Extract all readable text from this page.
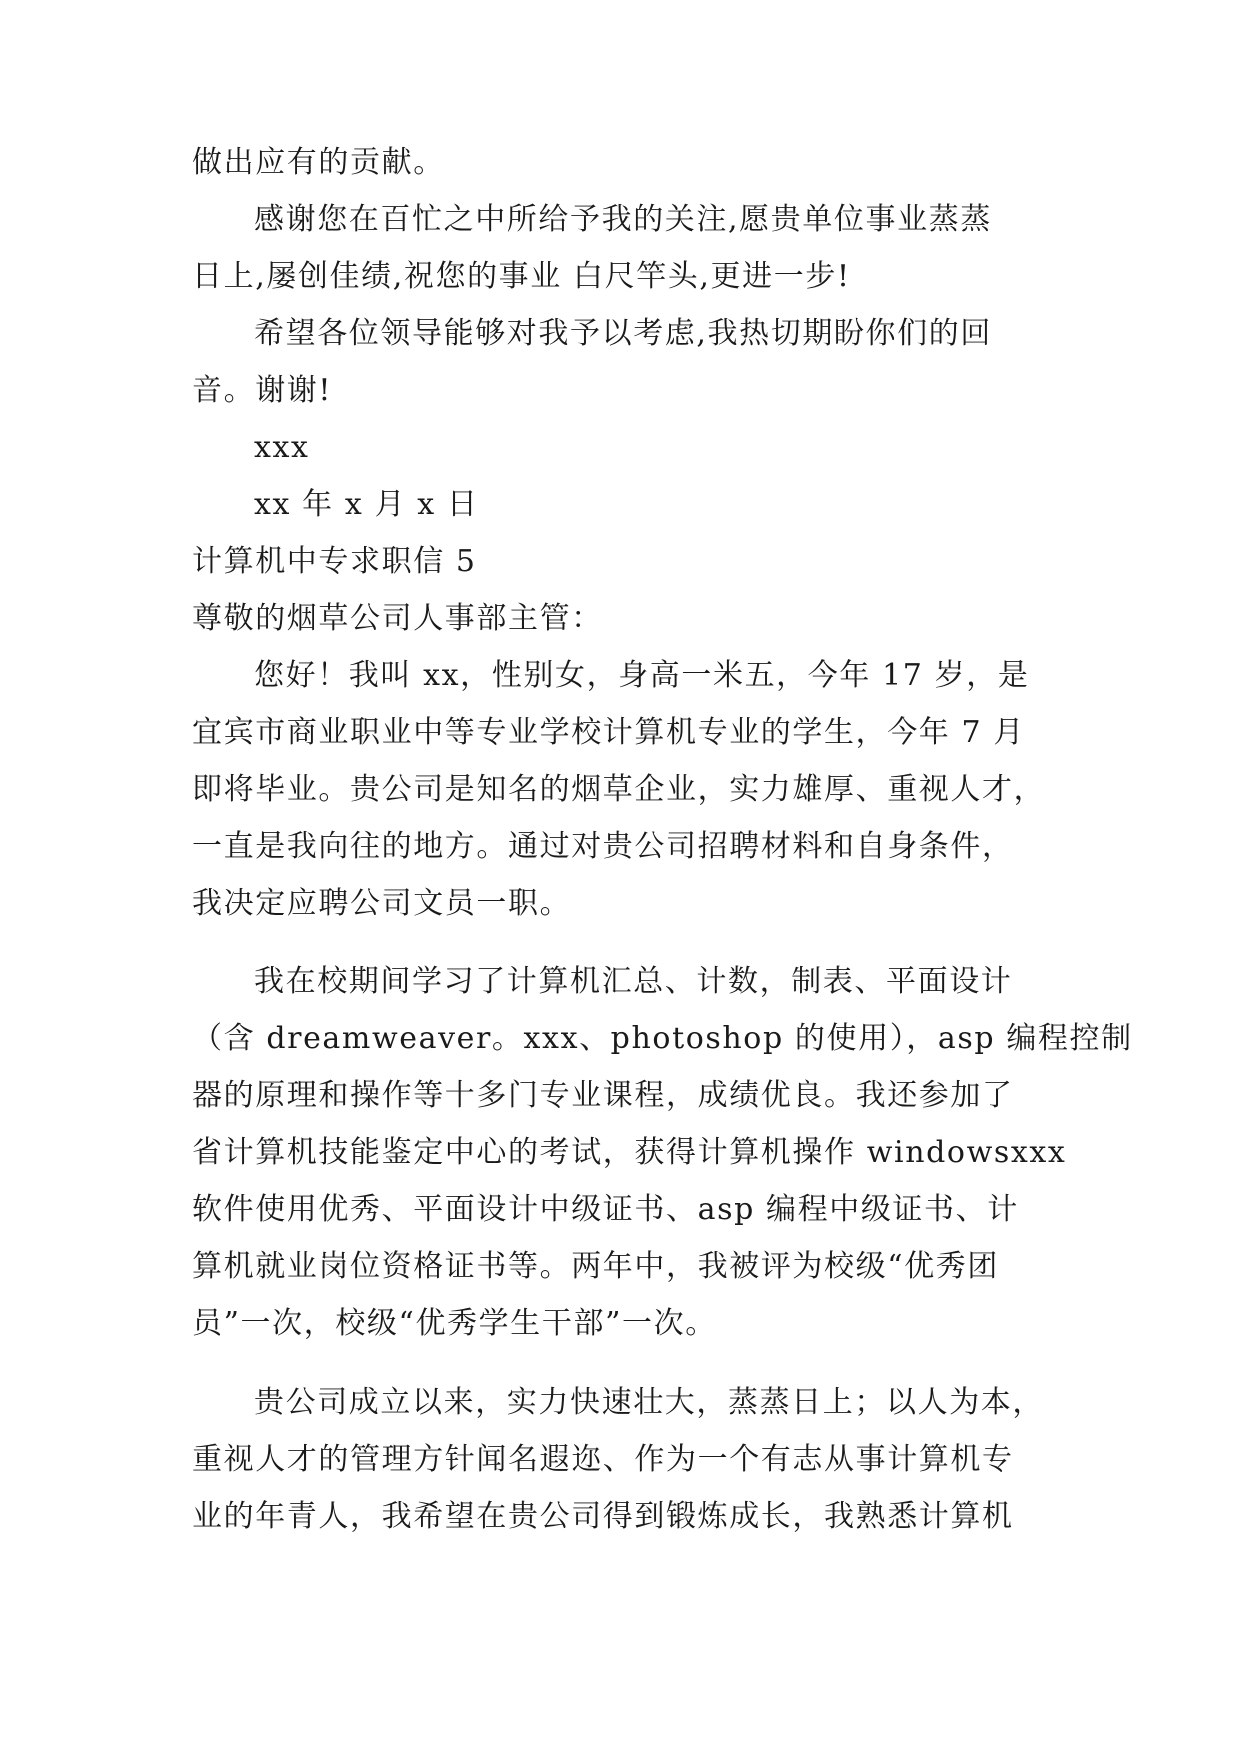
做出应有的贡献。
感谢您在百忙之中所给予我的关注,愿贵单位事业蒸蒸
日上,屡创佳绩,祝您的事业 白尺竿头,更进一步!
希望各位领导能够对我予以考虑,我热切期盼你们的回
音。谢谢!
xxx
xx 年 x 月 x 日
计算机中专求职信 5
尊敬的烟草公司人事部主管：
您好！我叫 xx，性别女，身高一米五，今年 17 岁，是
宜宾市商业职业中等专业学校计算机专业的学生，今年 7 月
即将毕业。贵公司是知名的烟草企业，实力雄厚、重视人才，
一直是我向往的地方。通过对贵公司招聘材料和自身条件，
我决定应聘公司文员一职。
我在校期间学习了计算机汇总、计数，制表、平面设计
（含 dreamweaver。xxx、photoshop 的使用），asp 编程控制
器的原理和操作等十多门专业课程，成绩优良。我还参加了
省计算机技能鉴定中心的考试，获得计算机操作 windowsxxx
软件使用优秀、平面设计中级证书、asp 编程中级证书、计
算机就业岗位资格证书等。两年中，我被评为校级“优秀团
员”一次，校级“优秀学生干部”一次。
贵公司成立以来，实力快速壮大，蒸蒸日上；以人为本，
重视人才的管理方针闻名遐迩、作为一个有志从事计算机专
业的年青人，我希望在贵公司得到锻炼成长，我熟悉计算机
